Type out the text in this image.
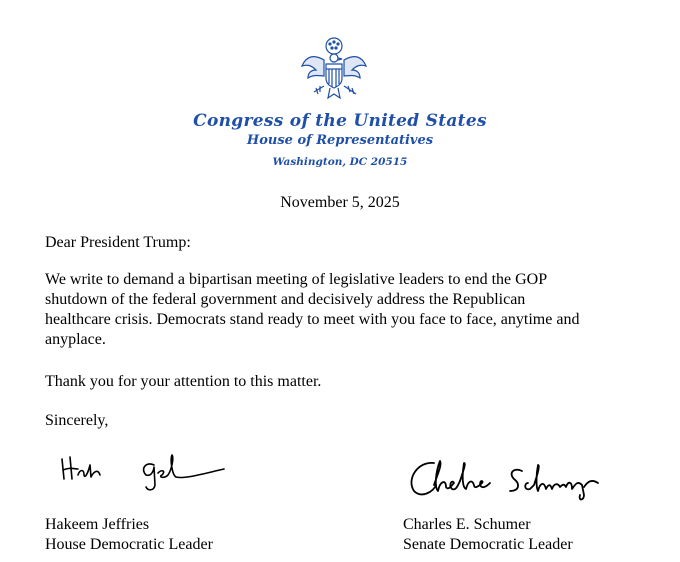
Congress of the United States
House of Representatives
Washington, DC 20515
November 5, 2025
Dear President Trump:
We write to demand a bipartisan meeting of legislative leaders to end the GOP
shutdown of the federal government and decisively address the Republican
healthcare crisis. Democrats stand ready to meet with you face to face, anytime and
anyplace.
Thank you for your attention to this matter.
Sincerely,
Hakeem Jeffries
House Democratic Leader
Charles E. Schumer
Senate Democratic Leader
